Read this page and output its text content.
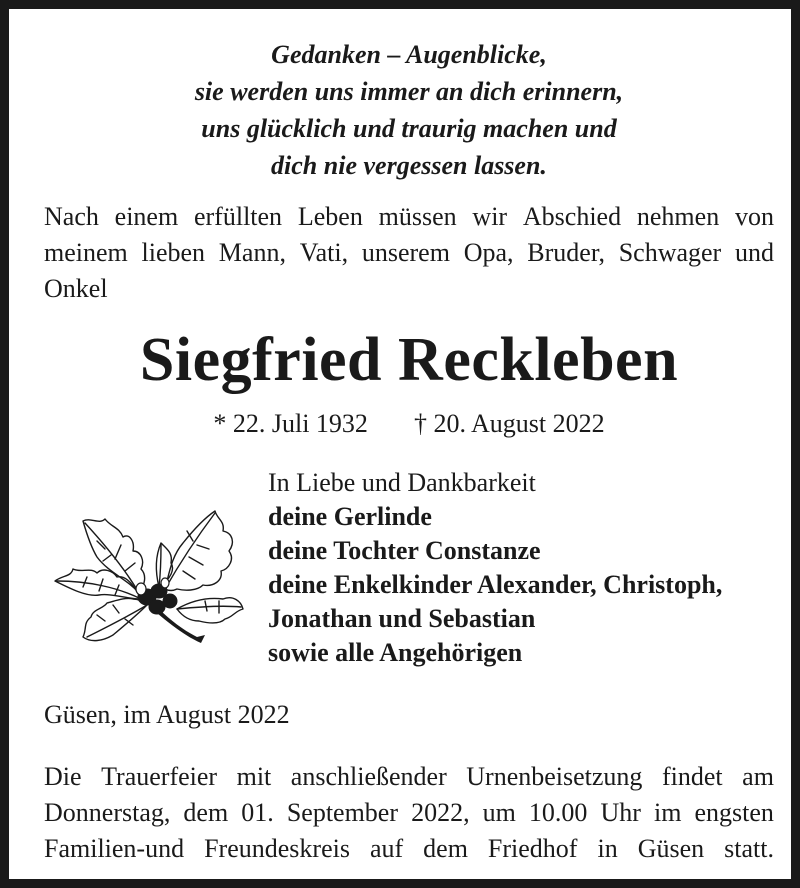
Gedanken – Augenblicke,
sie werden uns immer an dich erinnern,
uns glücklich und traurig machen und
dich nie vergessen lassen.
Nach einem erfüllten Leben müssen wir Abschied nehmen von
meinem lieben Mann, Vati, unserem Opa, Bruder, Schwager und
Onkel
Siegfried Reckleben
* 22. Juli 1932 † 20. August 2022
In Liebe und Dankbarkeit
deine Gerlinde
deine Tochter Constanze
deine Enkelkinder Alexander, Christoph,
Jonathan und Sebastian
sowie alle Angehörigen
Güsen, im August 2022
Die Trauerfeier mit anschließender Urnenbeisetzung findet am
Donnerstag, dem 01. September 2022, um 10.00 Uhr im engsten
Familien-und Freundeskreis auf dem Friedhof in Güsen statt.
